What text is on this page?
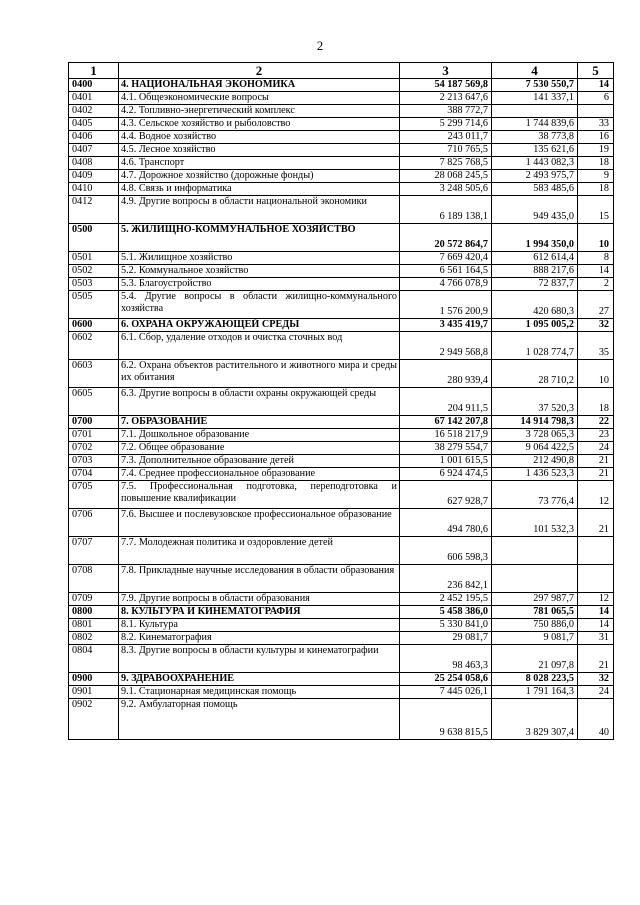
2
1	2	3	4	5
0400	4. НАЦИОНАЛЬНАЯ ЭКОНОМИКА	54 187 569,8	7 530 550,7	14
0401	4.1. Общеэкономические вопросы	2 213 647,6	141 337,1	6
0402	4.2. Топливно-энергетический комплекс	388 772,7		
0405	4.3. Сельское хозяйство и рыболовство	5 299 714,6	1 744 839,6	33
0406	4.4. Водное хозяйство	243 011,7	38 773,8	16
0407	4.5. Лесное хозяйство	710 765,5	135 621,6	19
0408	4.6. Транспорт	7 825 768,5	1 443 082,3	18
0409	4.7. Дорожное хозяйство (дорожные фонды)	28 068 245,5	2 493 975,7	9
0410	4.8. Связь и информатика	3 248 505,6	583 485,6	18
0412	4.9. Другие вопросы в области национальной экономики	6 189 138,1	949 435,0	15
0500	5. ЖИЛИЩНО-КОММУНАЛЬНОЕ ХОЗЯЙСТВО	20 572 864,7	1 994 350,0	10
0501	5.1. Жилищное хозяйство	7 669 420,4	612 614,4	8
0502	5.2. Коммунальное хозяйство	6 561 164,5	888 217,6	14
0503	5.3. Благоустройство	4 766 078,9	72 837,7	2
0505	5.4. Другие вопросы в области жилищно-коммунального хозяйства	1 576 200,9	420 680,3	27
0600	6. ОХРАНА ОКРУЖАЮЩЕЙ СРЕДЫ	3 435 419,7	1 095 005,2	32
0602	6.1. Сбор, удаление отходов и очистка сточных вод	2 949 568,8	1 028 774,7	35
0603	6.2. Охрана объектов растительного и животного мира и среды их обитания	280 939,4	28 710,2	10
0605	6.3. Другие вопросы в области охраны окружающей среды	204 911,5	37 520,3	18
0700	7. ОБРАЗОВАНИЕ	67 142 207,8	14 914 798,3	22
0701	7.1. Дошкольное образование	16 518 217,9	3 728 065,3	23
0702	7.2. Общее образование	38 279 554,7	9 064 422,5	24
0703	7.3. Дополнительное образование детей	1 001 615,5	212 490,8	21
0704	7.4. Среднее профессиональное образование	6 924 474,5	1 436 523,3	21
0705	7.5. Профессиональная подготовка, переподготовка и повышение квалификации	627 928,7	73 776,4	12
0706	7.6. Высшее и послевузовское профессиональное образование	494 780,6	101 532,3	21
0707	7.7. Молодежная политика и оздоровление детей	606 598,3		
0708	7.8. Прикладные научные исследования в области образования	236 842,1		
0709	7.9. Другие вопросы в области образования	2 452 195,5	297 987,7	12
0800	8. КУЛЬТУРА И КИНЕМАТОГРАФИЯ	5 458 386,0	781 065,5	14
0801	8.1. Культура	5 330 841,0	750 886,0	14
0802	8.2. Кинематография	29 081,7	9 081,7	31
0804	8.3. Другие вопросы в области культуры и кинематографии	98 463,3	21 097,8	21
0900	9. ЗДРАВООХРАНЕНИЕ	25 254 058,6	8 028 223,5	32
0901	9.1. Стационарная медицинская помощь	7 445 026,1	1 791 164,3	24
0902	9.2. Амбулаторная помощь	9 638 815,5	3 829 307,4	40
